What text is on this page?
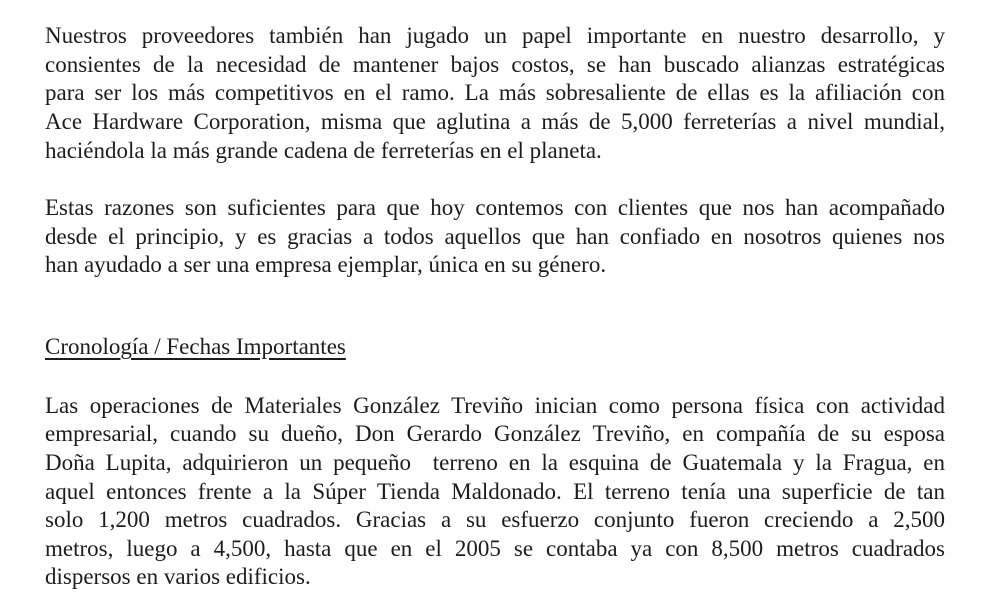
Nuestros proveedores también han jugado un papel importante en nuestro desarrollo, y
consientes de la necesidad de mantener bajos costos, se han buscado alianzas estratégicas
para ser los más competitivos en el ramo. La más sobresaliente de ellas es la afiliación con
Ace Hardware Corporation, misma que aglutina a más de 5,000 ferreterías a nivel mundial,
haciéndola la más grande cadena de ferreterías en el planeta.
Estas razones son suficientes para que hoy contemos con clientes que nos han acompañado
desde el principio, y es gracias a todos aquellos que han confiado en nosotros quienes nos
han ayudado a ser una empresa ejemplar, única en su género.
Cronología / Fechas Importantes
Las operaciones de Materiales González Treviño inician como persona física con actividad
empresarial, cuando su dueño, Don Gerardo González Treviño, en compañía de su esposa
Doña Lupita, adquirieron un pequeño  terreno en la esquina de Guatemala y la Fragua, en
aquel entonces frente a la Súper Tienda Maldonado. El terreno tenía una superficie de tan
solo 1,200 metros cuadrados. Gracias a su esfuerzo conjunto fueron creciendo a 2,500
metros, luego a 4,500, hasta que en el 2005 se contaba ya con 8,500 metros cuadrados
dispersos en varios edificios.
